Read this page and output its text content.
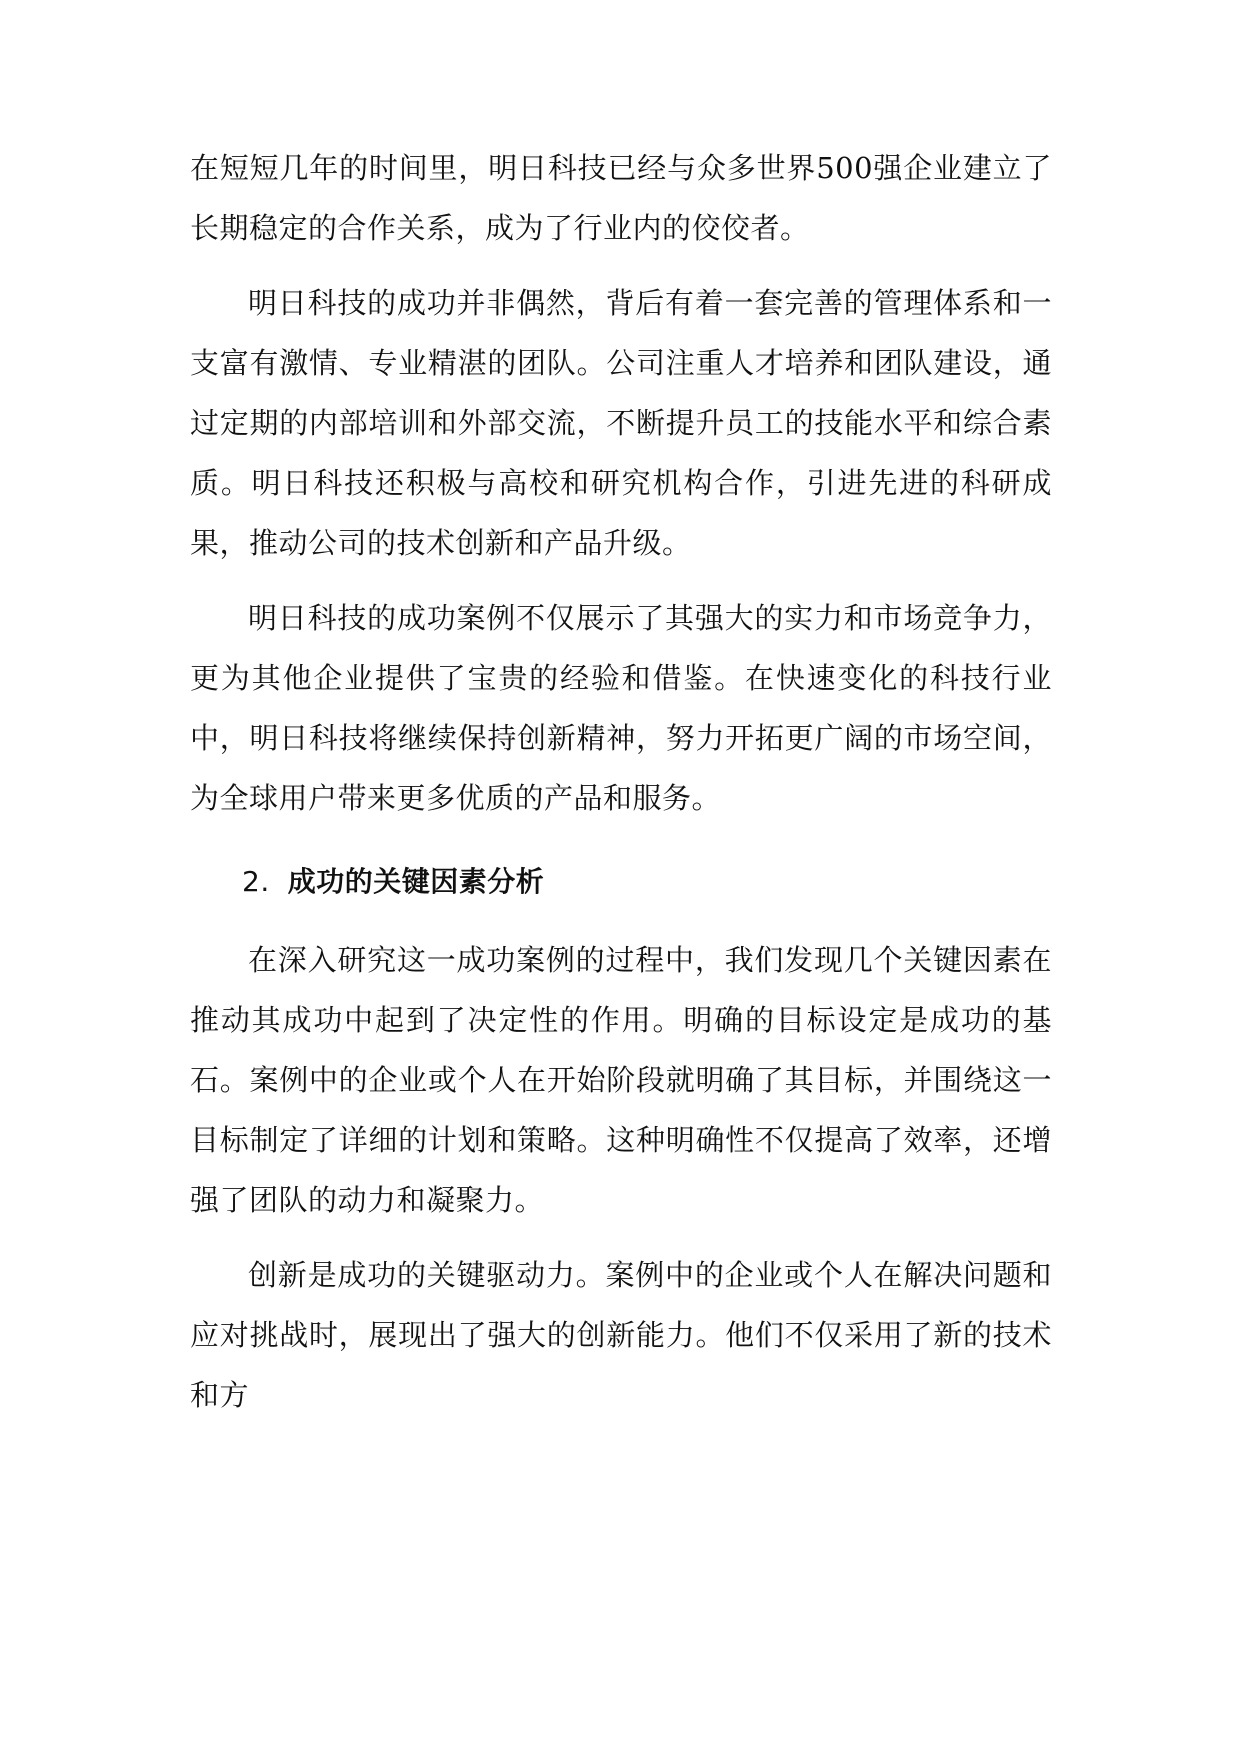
在短短几年的时间里，明日科技已经与众多世界500强企业建立了长期稳定的合作关系，成为了行业内的佼佼者。

明日科技的成功并非偶然，背后有着一套完善的管理体系和一支富有激情、专业精湛的团队。公司注重人才培养和团队建设，通过定期的内部培训和外部交流，不断提升员工的技能水平和综合素质。明日科技还积极与高校和研究机构合作，引进先进的科研成果，推动公司的技术创新和产品升级。

明日科技的成功案例不仅展示了其强大的实力和市场竞争力，更为其他企业提供了宝贵的经验和借鉴。在快速变化的科技行业中，明日科技将继续保持创新精神，努力开拓更广阔的市场空间，为全球用户带来更多优质的产品和服务。

2. 成功的关键因素分析

在深入研究这一成功案例的过程中，我们发现几个关键因素在推动其成功中起到了决定性的作用。明确的目标设定是成功的基石。案例中的企业或个人在开始阶段就明确了其目标，并围绕这一目标制定了详细的计划和策略。这种明确性不仅提高了效率，还增强了团队的动力和凝聚力。

创新是成功的关键驱动力。案例中的企业或个人在解决问题和应对挑战时，展现出了强大的创新能力。他们不仅采用了新的技术和方
